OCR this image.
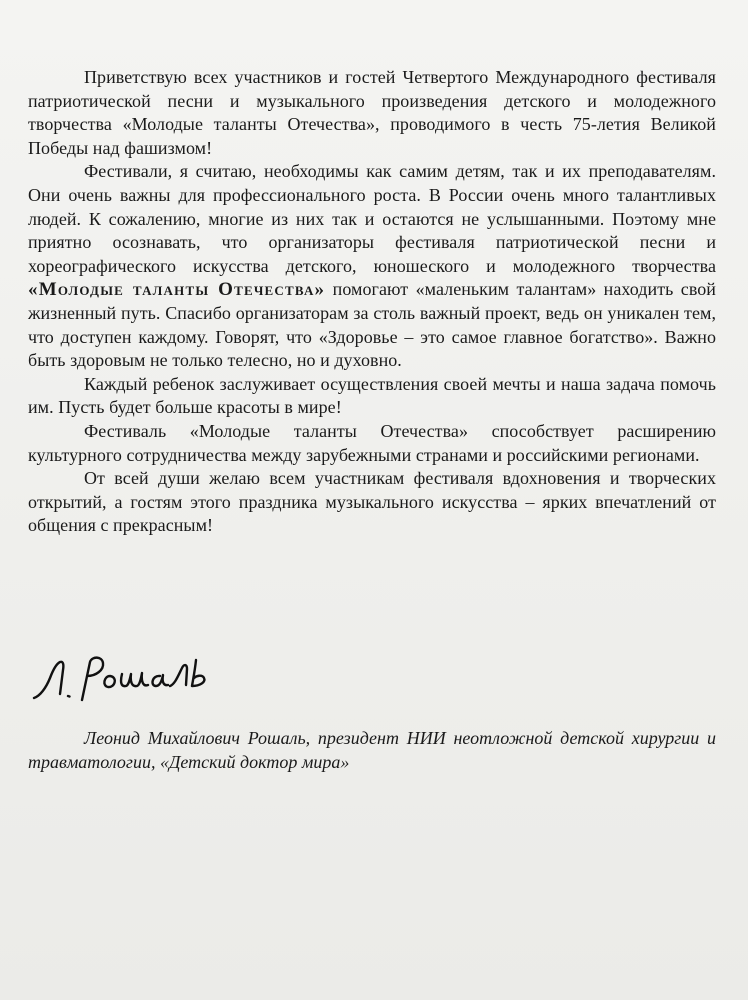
Приветствую всех участников и гостей Четвертого Международного фестиваля патриотической песни и музыкального произведения детского и молодежного творчества «Молодые таланты Отечества», проводимого в честь 75-летия Великой Победы над фашизмом!

Фестивали, я считаю, необходимы как самим детям, так и их преподавателям. Они очень важны для профессионального роста. В России очень много талантливых людей. К сожалению, многие из них так и остаются не услышанными. Поэтому мне приятно осознавать, что организаторы фестиваля патриотической песни и хореографического искусства детского, юношеского и молодежного творчества «Молодые таланты Отечества» помогают «маленьким талантам» находить свой жизненный путь. Спасибо организаторам за столь важный проект, ведь он уникален тем, что доступен каждому. Говорят, что «Здоровье – это самое главное богатство». Важно быть здоровым не только телесно, но и духовно.

Каждый ребенок заслуживает осуществления своей мечты и наша задача помочь им. Пусть будет больше красоты в мире!

Фестиваль «Молодые таланты Отечества» способствует расширению культурного сотрудничества между зарубежными странами и российскими регионами.

От всей души желаю всем участникам фестиваля вдохновения и творческих открытий, а гостям этого праздника музыкального искусства – ярких впечатлений от общения с прекрасным!

Леонид Михайлович Рошаль, президент НИИ неотложной детской хирургии и травматологии, «Детский доктор мира»
